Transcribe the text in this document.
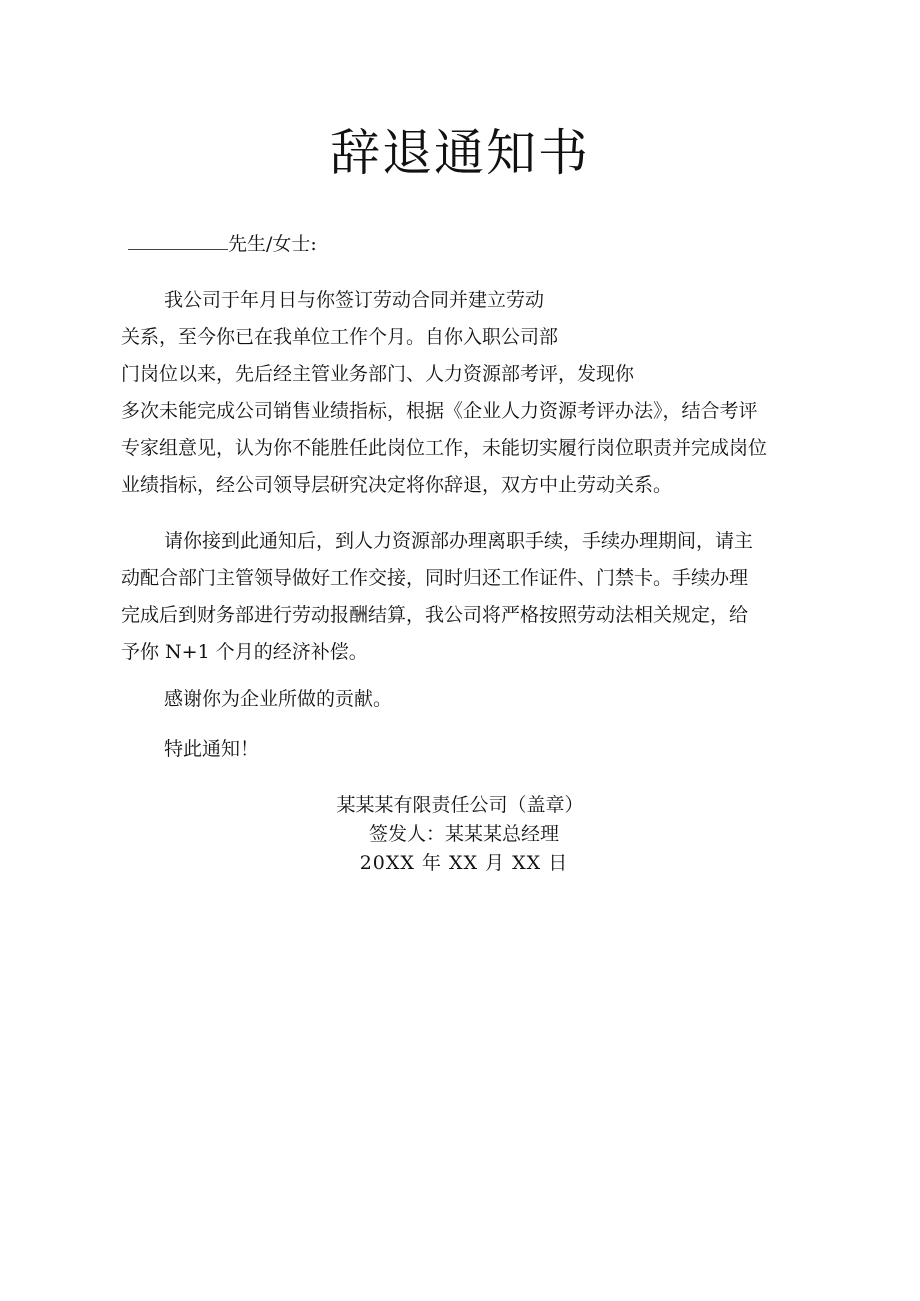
辞退通知书
先生/女士:
我公司于年月日与你签订劳动合同并建立劳动
关系，至今你已在我单位工作个月。自你入职公司部
门岗位以来，先后经主管业务部门、人力资源部考评，发现你
多次未能完成公司销售业绩指标，根据《企业人力资源考评办法》，结合考评
专家组意见，认为你不能胜任此岗位工作，未能切实履行岗位职责并完成岗位
业绩指标，经公司领导层研究决定将你辞退，双方中止劳动关系。
请你接到此通知后，到人力资源部办理离职手续，手续办理期间，请主
动配合部门主管领导做好工作交接，同时归还工作证件、门禁卡。手续办理
完成后到财务部进行劳动报酬结算，我公司将严格按照劳动法相关规定，给
予你 N+1 个月的经济补偿。
感谢你为企业所做的贡献。
特此通知！
某某某有限责任公司（盖章）
签发人：某某某总经理
20XX 年 XX 月 XX 日
